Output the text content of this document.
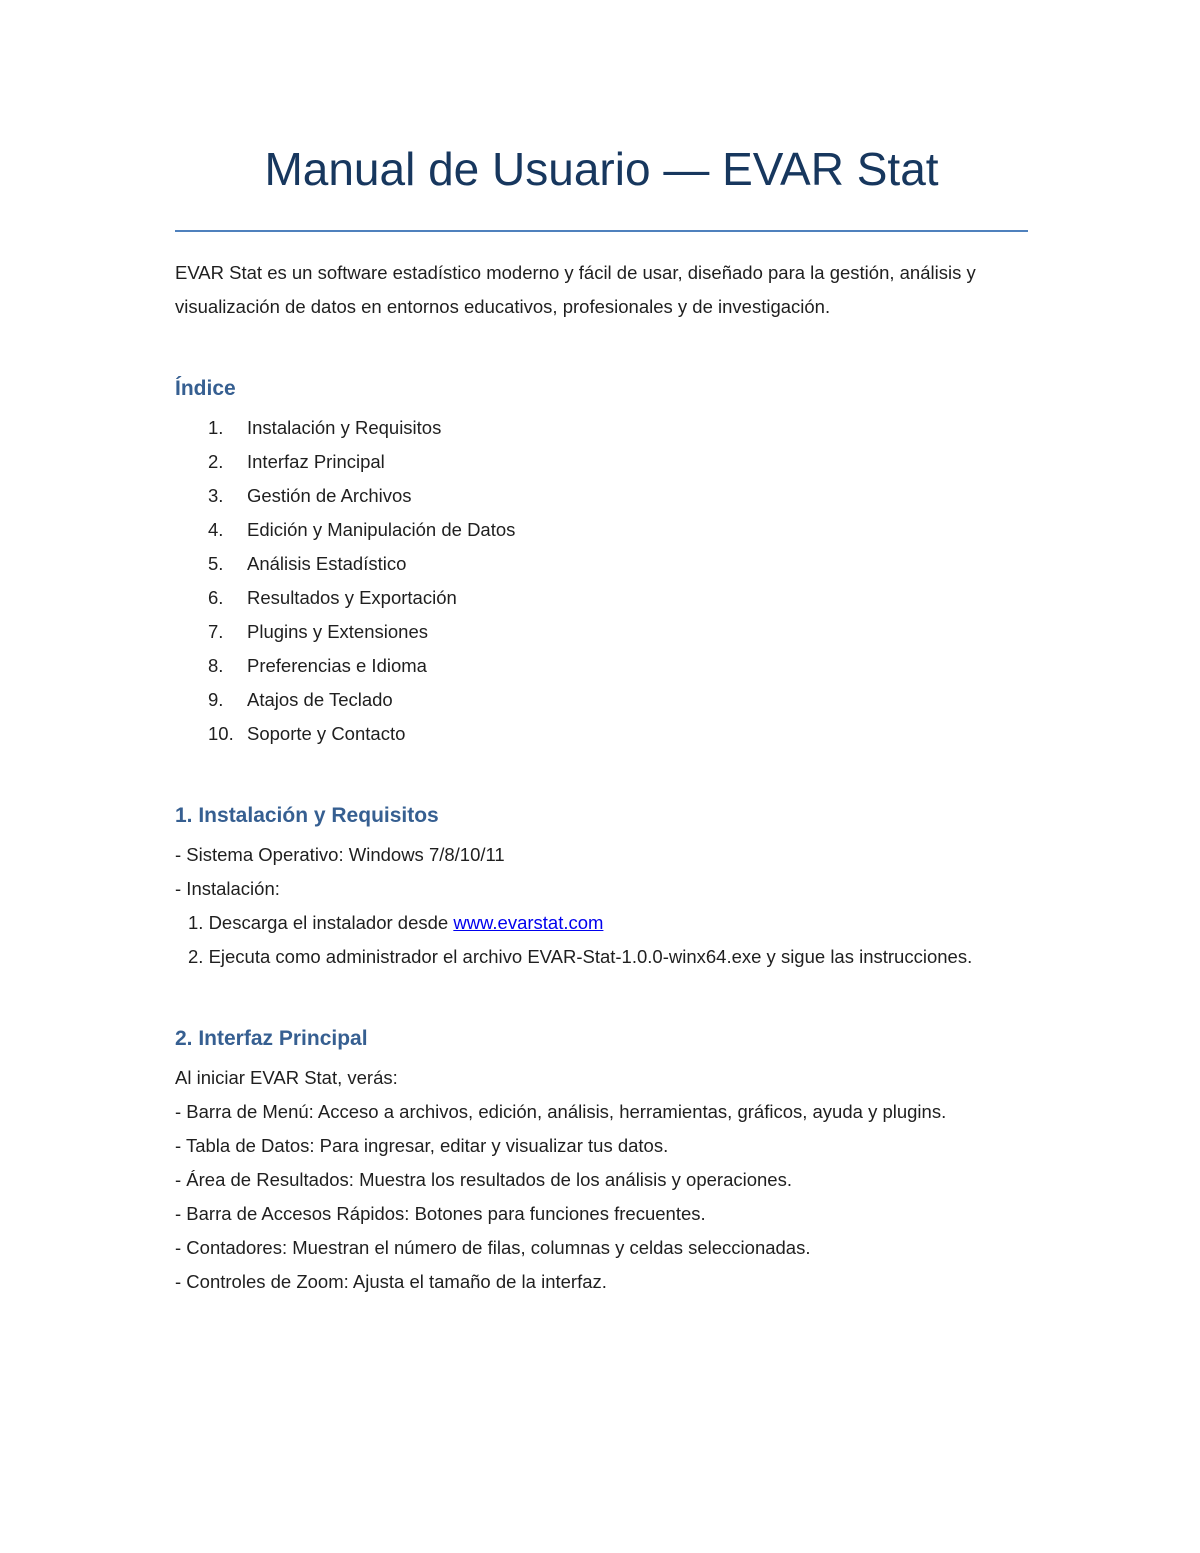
Manual de Usuario — EVAR Stat

EVAR Stat es un software estadístico moderno y fácil de usar, diseñado para la gestión, análisis y visualización de datos en entornos educativos, profesionales y de investigación.

Índice
1.	Instalación y Requisitos
2.	Interfaz Principal
3.	Gestión de Archivos
4.	Edición y Manipulación de Datos
5.	Análisis Estadístico
6.	Resultados y Exportación
7.	Plugins y Extensiones
8.	Preferencias e Idioma
9.	Atajos de Teclado
10. Soporte y Contacto
1. Instalación y Requisitos
- Sistema Operativo: Windows 7/8/10/11
- Instalación:
1. Descarga el instalador desde www.evarstat.com
2. Ejecuta como administrador el archivo EVAR-Stat-1.0.0-winx64.exe y sigue las instrucciones.
2. Interfaz Principal
Al iniciar EVAR Stat, verás:
- Barra de Menú: Acceso a archivos, edición, análisis, herramientas, gráficos, ayuda y plugins.
- Tabla de Datos: Para ingresar, editar y visualizar tus datos.
- Área de Resultados: Muestra los resultados de los análisis y operaciones.
- Barra de Accesos Rápidos: Botones para funciones frecuentes.
- Contadores: Muestran el número de filas, columnas y celdas seleccionadas.
- Controles de Zoom: Ajusta el tamaño de la interfaz.
